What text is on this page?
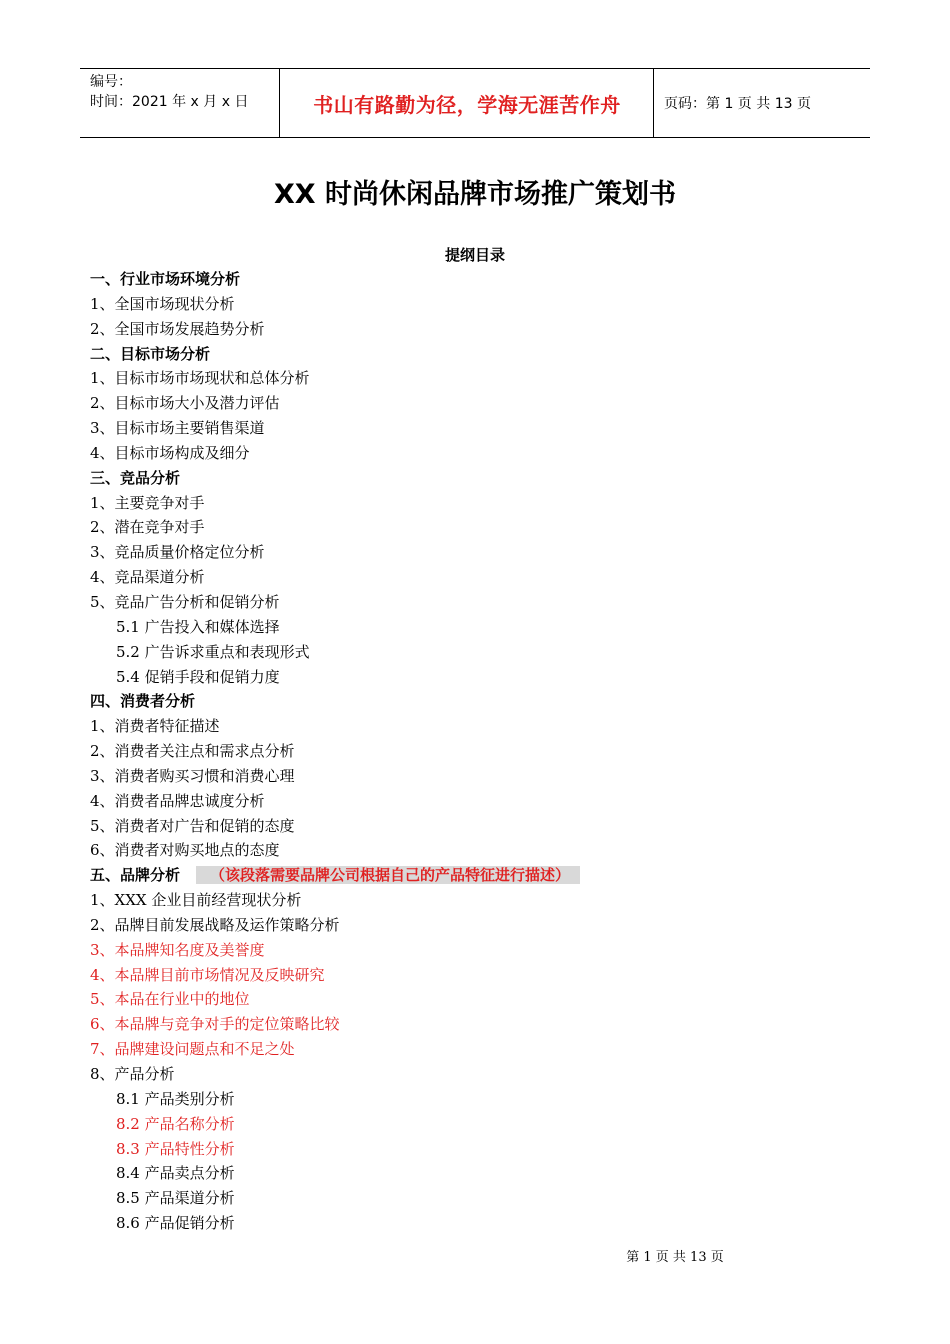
编号：
时间：2021 年 x 月 x 日	书山有路勤为径，学海无涯苦作舟	页码：第 1 页 共 13 页
XX 时尚休闲品牌市场推广策划书
提纲目录
一、行业市场环境分析
1、全国市场现状分析
2、全国市场发展趋势分析
二、目标市场分析
1、目标市场市场现状和总体分析
2、目标市场大小及潜力评估
3、目标市场主要销售渠道
4、目标市场构成及细分
三、竞品分析
1、主要竞争对手
2、潜在竞争对手
3、竞品质量价格定位分析
4、竞品渠道分析
5、竞品广告分析和促销分析
5.1 广告投入和媒体选择
5.2 广告诉求重点和表现形式
5.4 促销手段和促销力度
四、消费者分析
1、消费者特征描述
2、消费者关注点和需求点分析
3、消费者购买习惯和消费心理
4、消费者品牌忠诚度分析
5、消费者对广告和促销的态度
6、消费者对购买地点的态度
五、品牌分析 （该段落需要品牌公司根据自己的产品特征进行描述）
1、XXX 企业目前经营现状分析
2、品牌目前发展战略及运作策略分析
3、本品牌知名度及美誉度
4、本品牌目前市场情况及反映研究
5、本品在行业中的地位
6、本品牌与竞争对手的定位策略比较
7、品牌建设问题点和不足之处
8、产品分析
8.1 产品类别分析
8.2 产品名称分析
8.3 产品特性分析
8.4 产品卖点分析
8.5 产品渠道分析
8.6 产品促销分析
第 1 页 共 13 页
